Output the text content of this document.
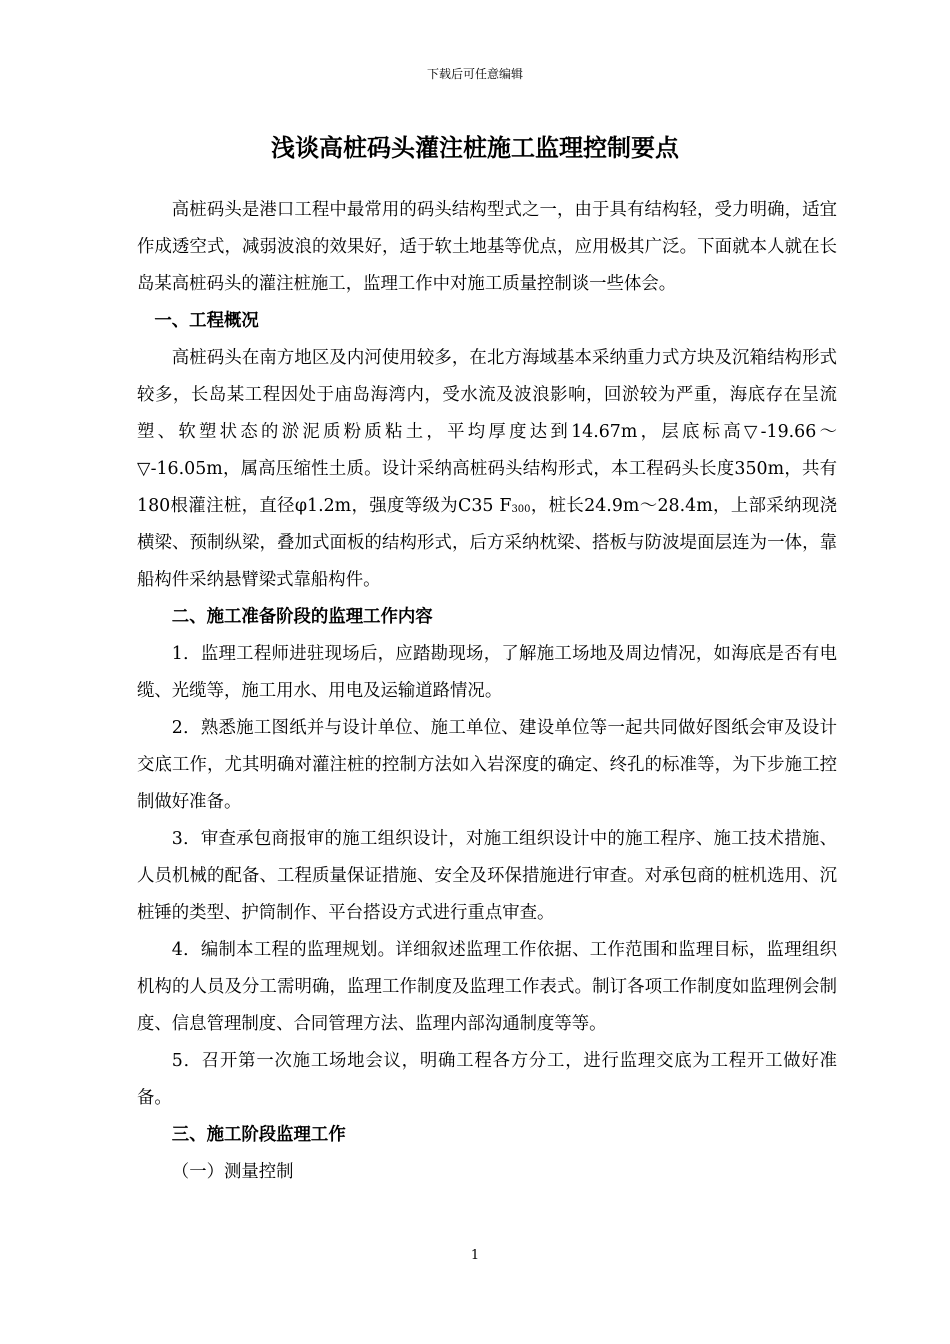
下载后可任意编辑
浅谈高桩码头灌注桩施工监理控制要点

高桩码头是港口工程中最常用的码头结构型式之一，由于具有结构轻，受力明确，适宜作成透空式，减弱波浪的效果好，适于软土地基等优点，应用极其广泛。下面就本人就在长岛某高桩码头的灌注桩施工，监理工作中对施工质量控制谈一些体会。

一、工程概况

高桩码头在南方地区及内河使用较多，在北方海域基本采纳重力式方块及沉箱结构形式较多，长岛某工程因处于庙岛海湾内，受水流及波浪影响，回淤较为严重，海底存在呈流塑、软塑状态的淤泥质粉质粘土，平均厚度达到14.67m，层底标高▽-19.66～▽-16.05m，属高压缩性土质。设计采纳高桩码头结构形式，本工程码头长度350m，共有180根灌注桩，直径φ1.2m，强度等级为C35 $F_{300}$，桩长24.9m～28.4m，上部采纳现浇横梁、预制纵梁，叠加式面板的结构形式，后方采纳枕梁、搭板与防波堤面层连为一体，靠船构件采纳悬臂梁式靠船构件。

二、施工准备阶段的监理工作内容

1．监理工程师进驻现场后，应踏勘现场，了解施工场地及周边情况，如海底是否有电缆、光缆等，施工用水、用电及运输道路情况。

2．熟悉施工图纸并与设计单位、施工单位、建设单位等一起共同做好图纸会审及设计交底工作，尤其明确对灌注桩的控制方法如入岩深度的确定、终孔的标准等，为下步施工控制做好准备。

3．审查承包商报审的施工组织设计，对施工组织设计中的施工程序、施工技术措施、人员机械的配备、工程质量保证措施、安全及环保措施进行审查。对承包商的桩机选用、沉桩锤的类型、护筒制作、平台搭设方式进行重点审查。

4．编制本工程的监理规划。详细叙述监理工作依据、工作范围和监理目标，监理组织机构的人员及分工需明确，监理工作制度及监理工作表式。制订各项工作制度如监理例会制度、信息管理制度、合同管理方法、监理内部沟通制度等等。

5．召开第一次施工场地会议，明确工程各方分工，进行监理交底为工程开工做好准备。

三、施工阶段监理工作

（一）测量控制

1
